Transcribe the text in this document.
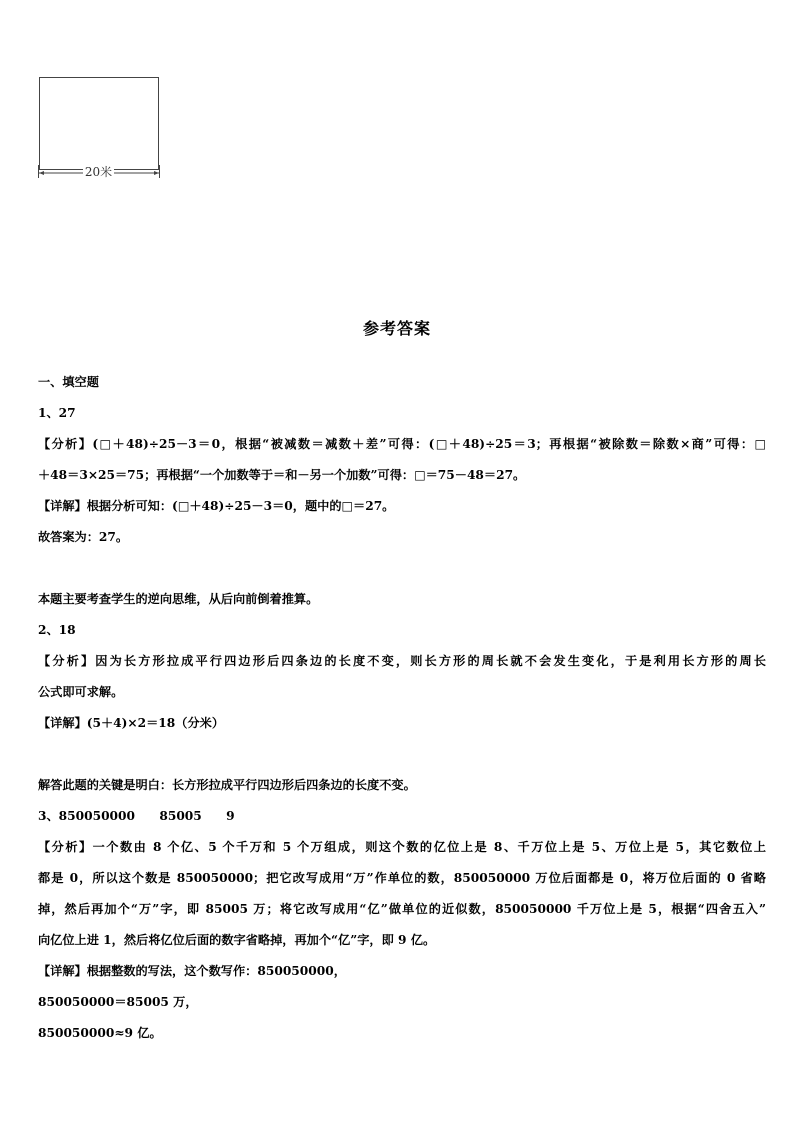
20米
参考答案
一、填空题
1、27
【分析】(□＋48)÷25－3＝0，根据“被减数＝减数＋差”可得：(□＋48)÷25＝3；再根据“被除数＝除数×商”可得：□
＋48＝3×25＝75；再根据“一个加数等于＝和－另一个加数”可得：□＝75－48＝27。
【详解】根据分析可知：(□＋48)÷25－3＝0，题中的□＝27。
故答案为：27。
本题主要考查学生的逆向思维，从后向前倒着推算。
2、18
【分析】因为长方形拉成平行四边形后四条边的长度不变，则长方形的周长就不会发生变化，于是利用长方形的周长
公式即可求解。
【详解】(5＋4)×2＝18（分米）
解答此题的关键是明白：长方形拉成平行四边形后四条边的长度不变。
3、850050000　　85005　　9
【分析】一个数由 8 个亿、5 个千万和 5 个万组成，则这个数的亿位上是 8、千万位上是 5、万位上是 5，其它数位上
都是 0，所以这个数是 850050000；把它改写成用“万”作单位的数，850050000 万位后面都是 0，将万位后面的 0 省略
掉，然后再加个“万”字，即 85005 万；将它改写成用“亿”做单位的近似数，850050000 千万位上是 5，根据“四舍五入”
向亿位上进 1，然后将亿位后面的数字省略掉，再加个“亿”字，即 9 亿。
【详解】根据整数的写法，这个数写作：850050000，
850050000＝85005 万，
850050000≈9 亿。
